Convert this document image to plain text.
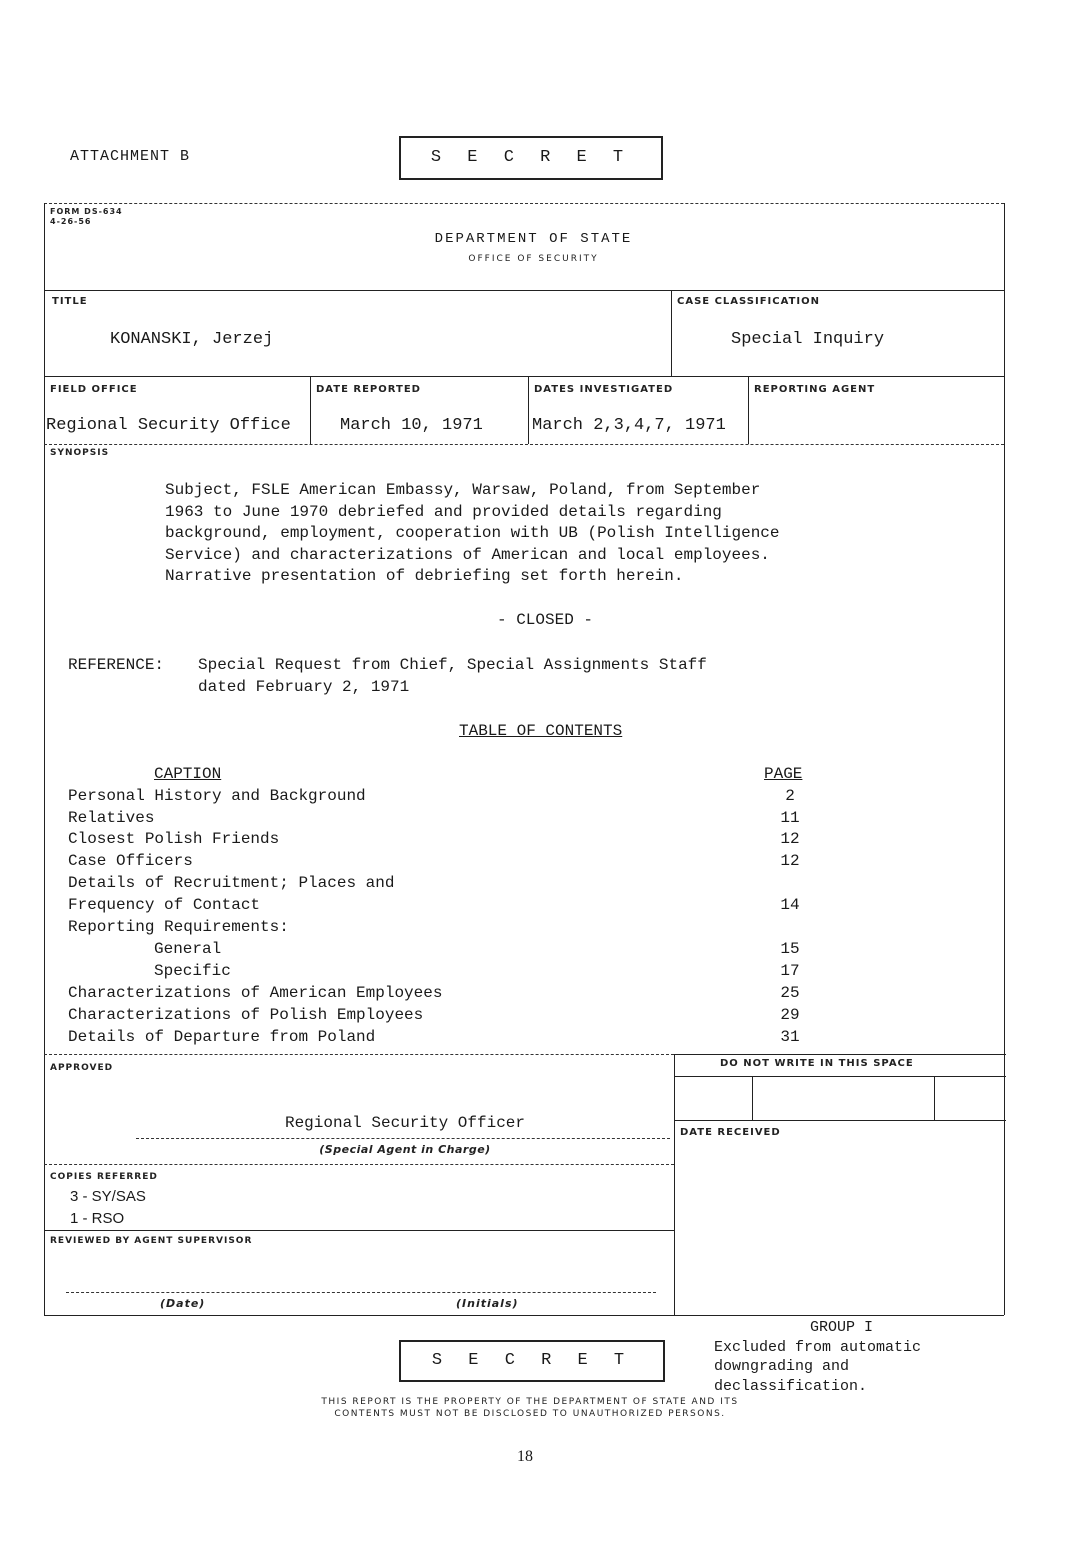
ATTACHMENT B	S E C R E T
FORM DS-634
4-26-56
DEPARTMENT OF STATE
OFFICE OF SECURITY
TITLE
KONANSKI, Jerzej
CASE CLASSIFICATION
Special Inquiry
FIELD OFFICE
Regional Security Office
DATE REPORTED
March 10, 1971
DATES INVESTIGATED
March 2,3,4,7, 1971
REPORTING AGENT
SYNOPSIS

Subject, FSLE American Embassy, Warsaw, Poland, from September

1963 to June 1970 debriefed and provided details regarding

background, employment, cooperation with UB (Polish Intelligence

Service) and characterizations of American and local employees.

Narrative presentation of debriefing set forth herein.

- CLOSED -
REFERENCE: Special Request from Chief, Special Assignments Staff
dated February 2, 1971
TABLE OF CONTENTS
CAPTION	PAGE
Personal History and Background	2
Relatives	11
Closest Polish Friends	12
Case Officers	12
Details of Recruitment; Places and
Frequency of Contact	14
Reporting Requirements:
General	15
Specific	17
Characterizations of American Employees	25
Characterizations of Polish Employees	29
Details of Departure from Poland	31
APPROVED
Regional Security Officer
(Special Agent in Charge)
COPIES REFERRED
3 - SY/SAS
1 - RSO
REVIEWED BY AGENT SUPERVISOR
(Date)	(Initials)
DO NOT WRITE IN THIS SPACE
DATE RECEIVED
S E C R E T
GROUP I
Excluded from automatic
downgrading and
declassification.
THIS REPORT IS THE PROPERTY OF THE DEPARTMENT OF STATE AND ITS
CONTENTS MUST NOT BE DISCLOSED TO UNAUTHORIZED PERSONS.
18
